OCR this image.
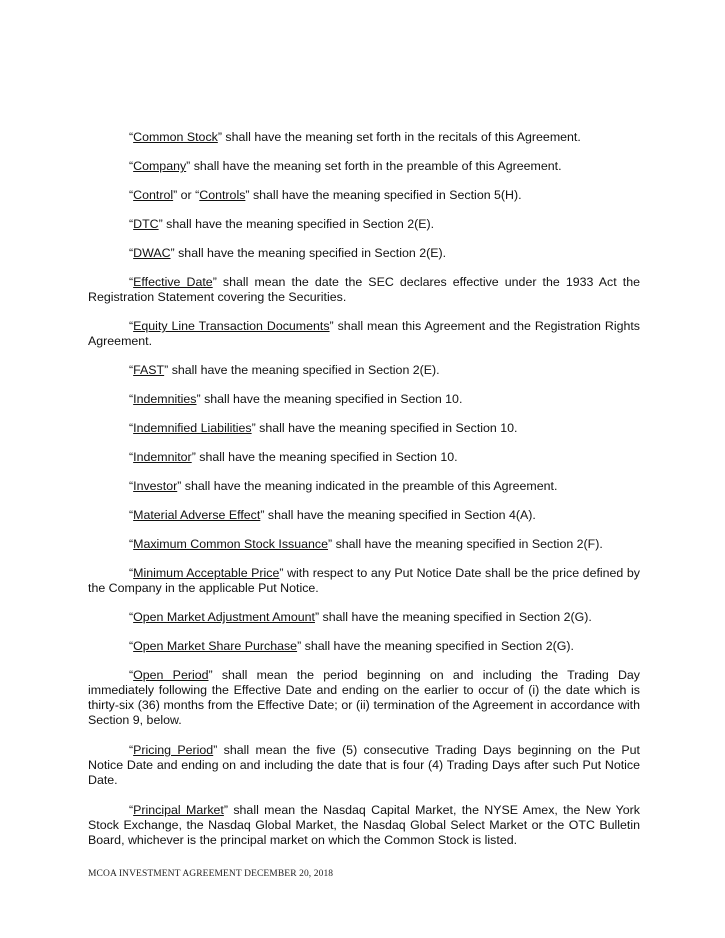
“Common Stock” shall have the meaning set forth in the recitals of this Agreement.

“Company” shall have the meaning set forth in the preamble of this Agreement.

“Control” or “Controls” shall have the meaning specified in Section 5(H).

“DTC” shall have the meaning specified in Section 2(E).

“DWAC” shall have the meaning specified in Section 2(E).

“Effective Date” shall mean the date the SEC declares effective under the 1933 Act the Registration Statement covering the Securities.

“Equity Line Transaction Documents” shall mean this Agreement and the Registration Rights Agreement.

“FAST” shall have the meaning specified in Section 2(E).

“Indemnities” shall have the meaning specified in Section 10.

“Indemnified Liabilities” shall have the meaning specified in Section 10.

“Indemnitor” shall have the meaning specified in Section 10.

“Investor” shall have the meaning indicated in the preamble of this Agreement.

“Material Adverse Effect” shall have the meaning specified in Section 4(A).

“Maximum Common Stock Issuance” shall have the meaning specified in Section 2(F).

“Minimum Acceptable Price” with respect to any Put Notice Date shall be the price defined by the Company in the applicable Put Notice.

“Open Market Adjustment Amount” shall have the meaning specified in Section 2(G).

“Open Market Share Purchase” shall have the meaning specified in Section 2(G).

“Open Period” shall mean the period beginning on and including the Trading Day immediately following the Effective Date and ending on the earlier to occur of (i) the date which is thirty-six (36) months from the Effective Date; or (ii) termination of the Agreement in accordance with Section 9, below.

“Pricing Period” shall mean the five (5) consecutive Trading Days beginning on the Put Notice Date and ending on and including the date that is four (4) Trading Days after such Put Notice Date.

“Principal Market” shall mean the Nasdaq Capital Market, the NYSE Amex, the New York Stock Exchange, the Nasdaq Global Market, the Nasdaq Global Select Market or the OTC Bulletin Board, whichever is the principal market on which the Common Stock is listed.

MCOA INVESTMENT AGREEMENT DECEMBER 20, 2018
